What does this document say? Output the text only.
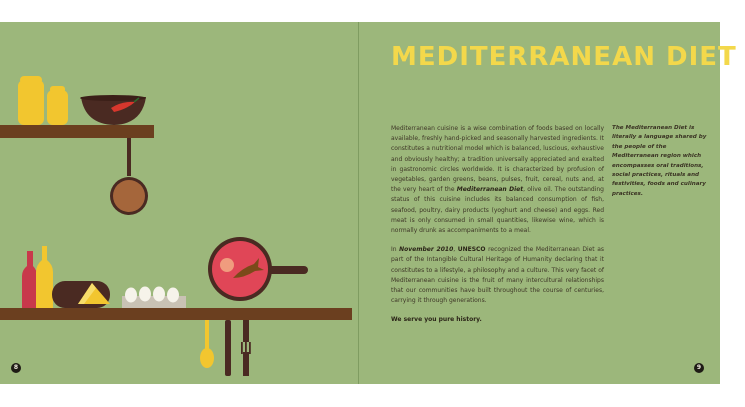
8
MEDITERRANEAN DIET

Mediterranean cuisine is a wise combination of foods based on locally available, freshly hand-picked and seasonally harvested ingredients. It constitutes a nutritional model which is balanced, luscious, exhaustive and obviously healthy; a tradition universally appreciated and exalted in gastronomic circles worldwide. It is characterized by profusion of vegetables, garden greens, beans, pulses, fruit, cereal, nuts and, at the very heart of the Mediterranean Diet, olive oil. The outstanding status of this cuisine includes its balanced consumption of fish, seafood, poultry, dairy products (yoghurt and cheese) and eggs. Red meat is only consumed in small quantities, likewise wine, which is normally drunk as accompaniments to a meal.

In November 2010, UNESCO recognized the Mediterranean Diet as part of the Intangible Cultural Heritage of Humanity declaring that it constitutes to a lifestyle, a philosophy and a culture. This very facet of Mediterranean cuisine is the fruit of many intercultural relationships that our communities have built throughout the course of centuries, carrying it through generations.

We serve you pure history.

The Mediterranean Diet is literally a language shared by the people of the Mediterranean region which encompasses oral traditions, social practices, rituals and festivities, foods and culinary practices.
9
